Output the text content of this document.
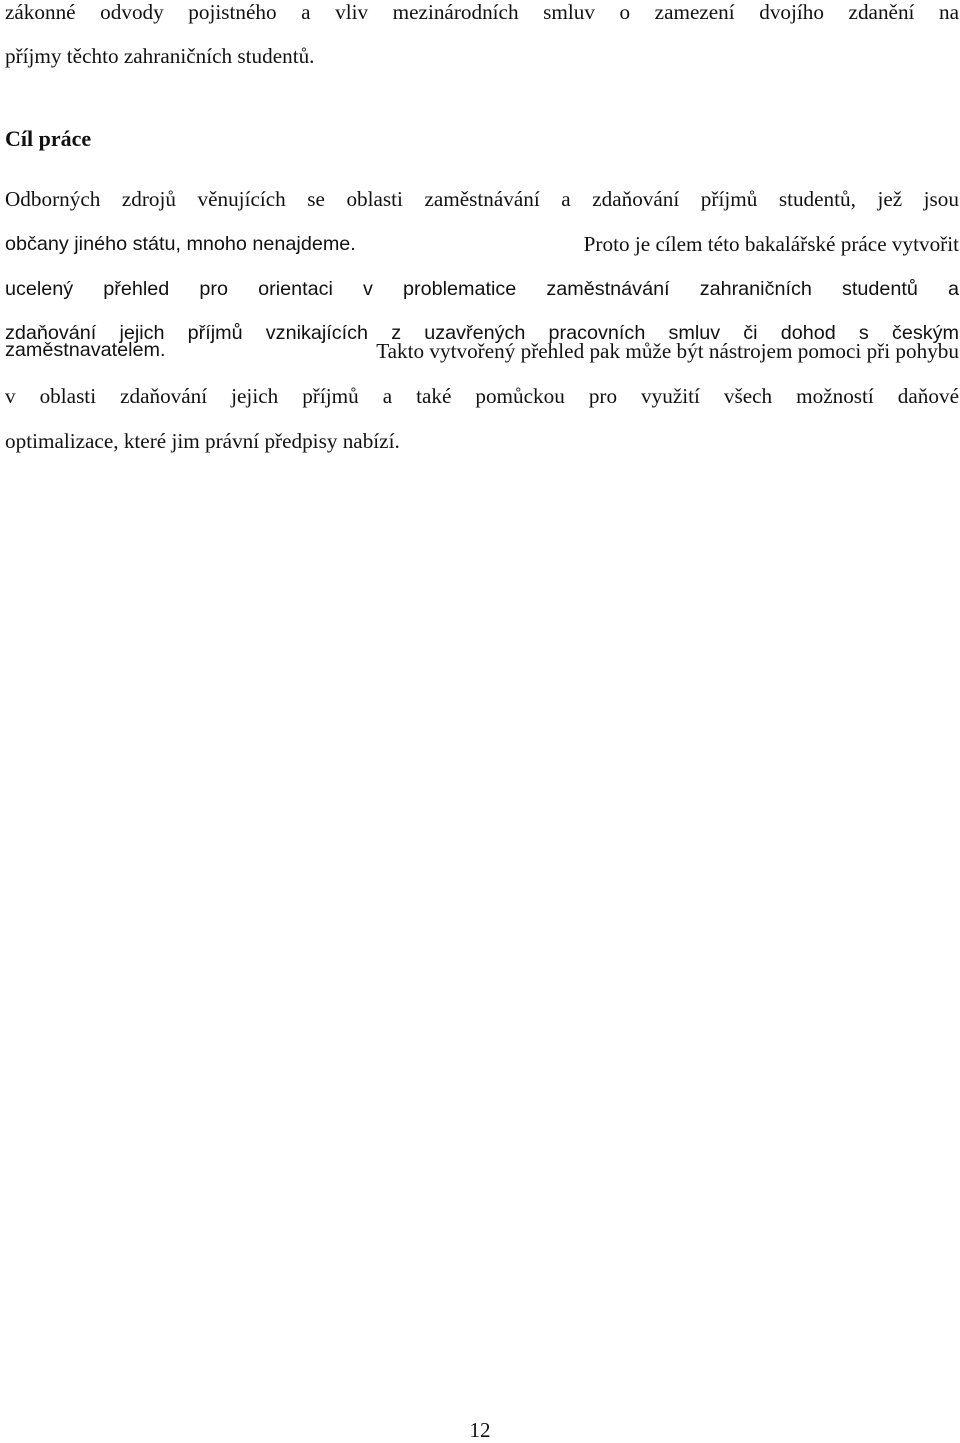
zákonné odvody pojistného a vliv mezinárodních smluv o zamezení dvojího zdanění na
příjmy těchto zahraničních studentů.
Cíl práce
Odborných zdrojů věnujících se oblasti zaměstnávání a zdaňování příjmů studentů, jež jsou
občany jiného státu, mnoho nenajdeme.	Proto je cílem této bakalářské práce vytvořit
ucelený přehled pro orientaci v problematice zaměstnávání zahraničních studentů a
zdaňování jejich příjmů vznikajících z uzavřených pracovních smluv či dohod s českým
zaměstnavatelem.	Takto vytvořený přehled pak může být nástrojem pomoci při pohybu
v oblasti zdaňování jejich příjmů a také pomůckou pro využití všech možností daňové
optimalizace, které jim právní předpisy nabízí.
12
